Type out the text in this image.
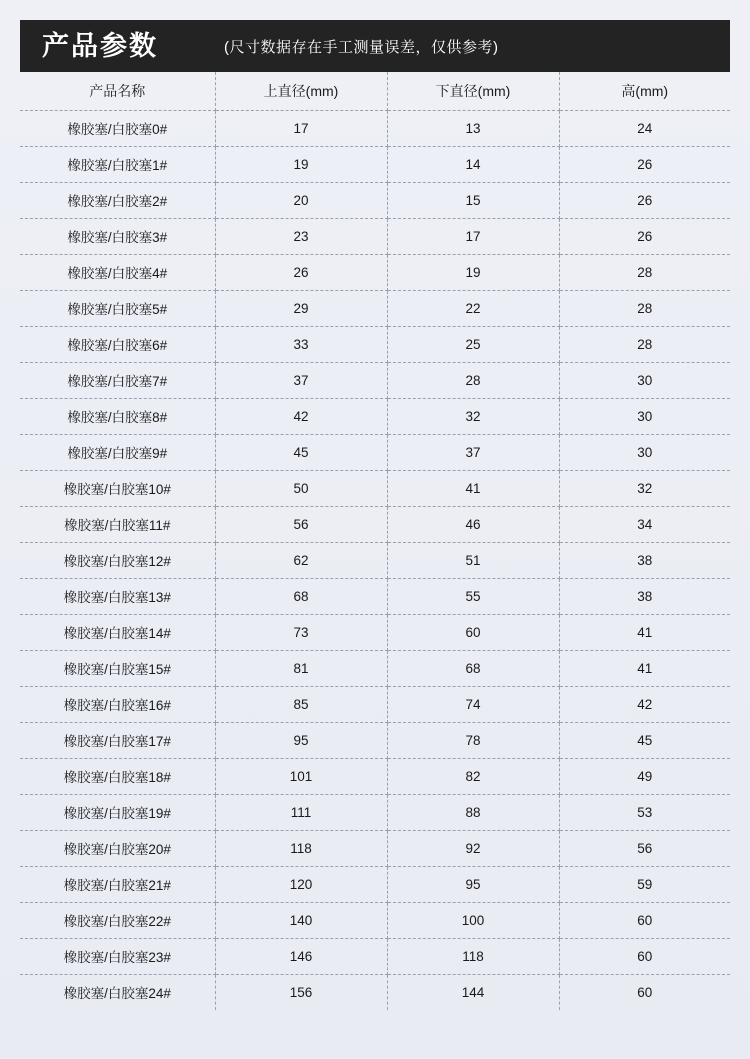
产品参数	(尺寸数据存在手工测量误差，仅供参考)
产品名称	上直径(mm)	下直径(mm)	高(mm)
橡胶塞/白胶塞0#	17	13	24
橡胶塞/白胶塞1#	19	14	26
橡胶塞/白胶塞2#	20	15	26
橡胶塞/白胶塞3#	23	17	26
橡胶塞/白胶塞4#	26	19	28
橡胶塞/白胶塞5#	29	22	28
橡胶塞/白胶塞6#	33	25	28
橡胶塞/白胶塞7#	37	28	30
橡胶塞/白胶塞8#	42	32	30
橡胶塞/白胶塞9#	45	37	30
橡胶塞/白胶塞10#	50	41	32
橡胶塞/白胶塞11#	56	46	34
橡胶塞/白胶塞12#	62	51	38
橡胶塞/白胶塞13#	68	55	38
橡胶塞/白胶塞14#	73	60	41
橡胶塞/白胶塞15#	81	68	41
橡胶塞/白胶塞16#	85	74	42
橡胶塞/白胶塞17#	95	78	45
橡胶塞/白胶塞18#	101	82	49
橡胶塞/白胶塞19#	111	88	53
橡胶塞/白胶塞20#	118	92	56
橡胶塞/白胶塞21#	120	95	59
橡胶塞/白胶塞22#	140	100	60
橡胶塞/白胶塞23#	146	118	60
橡胶塞/白胶塞24#	156	144	60
